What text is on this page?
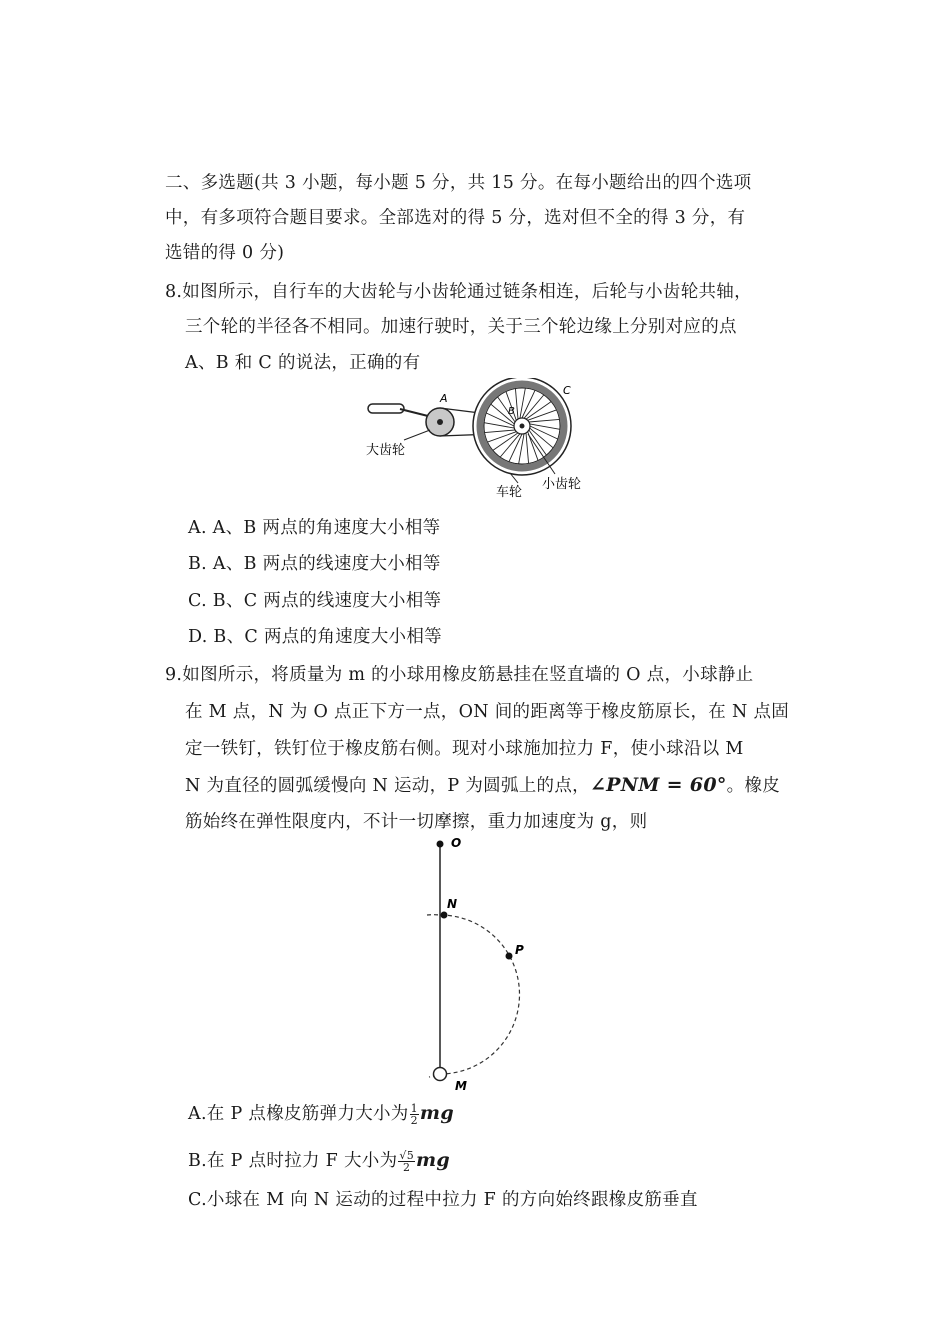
二、多选题(共 3 小题，每小题 5 分，共 15 分。在每小题给出的四个选项
中，有多项符合题目要求。全部选对的得 5 分，选对但不全的得 3 分，有
选错的得 0 分)
8.如图所示，自行车的大齿轮与小齿轮通过链条相连，后轮与小齿轮共轴，
三个轮的半径各不相同。加速行驶时，关于三个轮边缘上分别对应的点
A、B 和 C 的说法，正确的有
A
B
C
大齿轮
车轮
小齿轮
A. A、B 两点的角速度大小相等
B. A、B 两点的线速度大小相等
C. B、C 两点的线速度大小相等
D. B、C 两点的角速度大小相等
9.如图所示，将质量为 m 的小球用橡皮筋悬挂在竖直墙的 O 点，小球静止
在 M 点，N 为 O 点正下方一点，ON 间的距离等于橡皮筋原长，在 N 点固
定一铁钉，铁钉位于橡皮筋右侧。现对小球施加拉力 F，使小球沿以 M
N 为直径的圆弧缓慢向 N 运动，P 为圆弧上的点，∠PNM = 60°。橡皮
筋始终在弹性限度内，不计一切摩擦，重力加速度为 g，则
O
N
P
M
A.在 P 点橡皮筋弹力大小为 $\frac{1}{2}$ mg
B.在 P 点时拉力 F 大小为 $\frac{√5}{2}$ mg
C.小球在 M 向 N 运动的过程中拉力 F 的方向始终跟橡皮筋垂直
